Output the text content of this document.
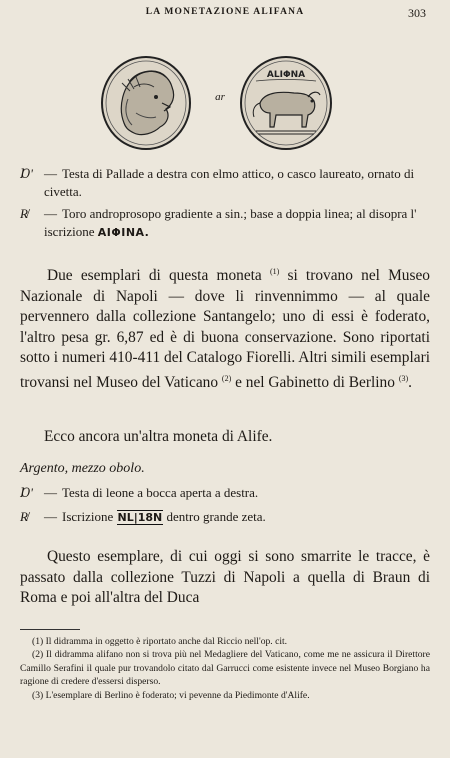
LA MONETAZIONE ALIFANA	303
ar
ALIΦNA
Ɒ' — Testa di Pallade a destra con elmo attico, o casco laureato, ornato di civetta.
R̸	— Toro androprosopo gradiente a sin.; base a doppia linea; al disopra l' iscrizione ΑΙΦΙΝΑ.
Due esemplari di questa moneta $^{(1)}$ si trovano nel Museo Nazionale di Napoli — dove li rinvennimmo — al quale pervennero dalla collezione Santangelo; uno di essi è foderato, l'altro pesa gr. 6,87 ed è di buona conservazione. Sono riportati sotto i numeri 410-411 del Catalogo Fiorelli. Altri simili esemplari trovansi nel Museo del Vaticano $^{(2)}$ e nel Gabinetto di Berlino $^{(3)}$.
Ecco ancora un'altra moneta di Alife.
Argento, mezzo obolo.
Ɒ' — Testa di leone a bocca aperta a destra.
R̸	— Iscrizione NL|18N dentro grande zeta.
Questo esemplare, di cui oggi si sono smarrite le tracce, è passato dalla collezione Tuzzi di Napoli a quella di Braun di Roma e poi all'altra del Duca

(1) Il didramma in oggetto è riportato anche dal Riccio nell'op. cit.

(2) Il didramma alifano non si trova più nel Medagliere del Vaticano, come me ne assicura il Direttore Camillo Serafini il quale pur trovandolo citato dal Garrucci come esistente invece nel Museo Borgiano ha ragione di credere d'essersi disperso.

(3) L'esemplare di Berlino è foderato; vi pevenne da Piedimonte d'Alife.
